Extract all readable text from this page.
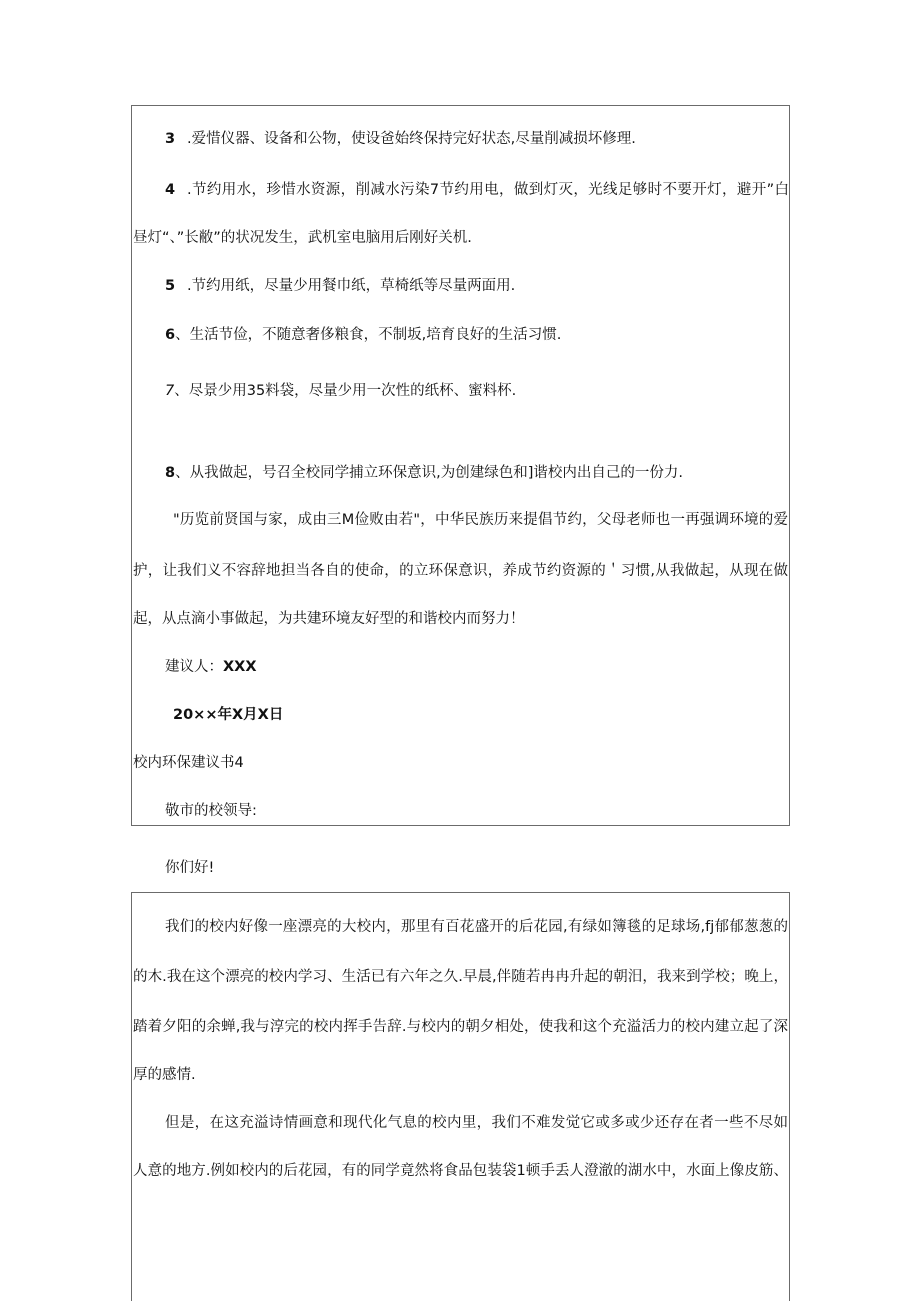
3 .爱惜仪器、设备和公物，使设爸始终保持完好状态,尽量削减损坏修理.
4 .节约用水，珍惜水资源，削减水污染7节约用电，做到灯灭，光线足够时不要开灯，避开”白
昼灯“、”长敝”的状况发生，武机室电脑用后刚好关机.
5 .节约用纸，尽量少用餐巾纸，草椅纸等尽量两面用.
6、生活节俭，不随意奢侈粮食，不制坂,培育良好的生活习惯.
7、尽景少用35料袋，尽量少用一次性的纸杯、蜜料杯.
8、从我做起，号召全校同学捕立环保意识,为创建绿色和]谐校内出自己的一份力.
"历览前贤国与家，成由三M俭败由若"，中华民族历来提倡节约，父母老师也一再强调环境的爱
护，让我们义不容辞地担当各自的使命，的立环保意识，养成节约资源的＇习惯,从我做起，从现在做
起，从点滴小事做起，为共建环境友好型的和谐校内而努力！
建议人：XXX
20××年X月X日
校内环保建议书4
敬市的校领导:
你们好!
我们的校内好像一座漂亮的大校内，那里有百花盛开的后花园,有绿如簿毯的足球场,fj郁郁葱葱的
的木.我在这个漂亮的校内学习、生活已有六年之久.早晨,伴随若冉冉升起的朝汨，我来到学校；晚上，
踏着夕阳的余蝉,我与淳完的校内挥手告辞.与校内的朝夕相处，使我和这个充溢活力的校内建立起了深
厚的感情.
但是，在这充溢诗情画意和现代化气息的校内里，我们不难发觉它或多或少还存在者一些不尽如
人意的地方.例如校内的后花园，有的同学竟然将食品包装袋1顿手丢人澄澈的湖水中，水面上像皮筋、
